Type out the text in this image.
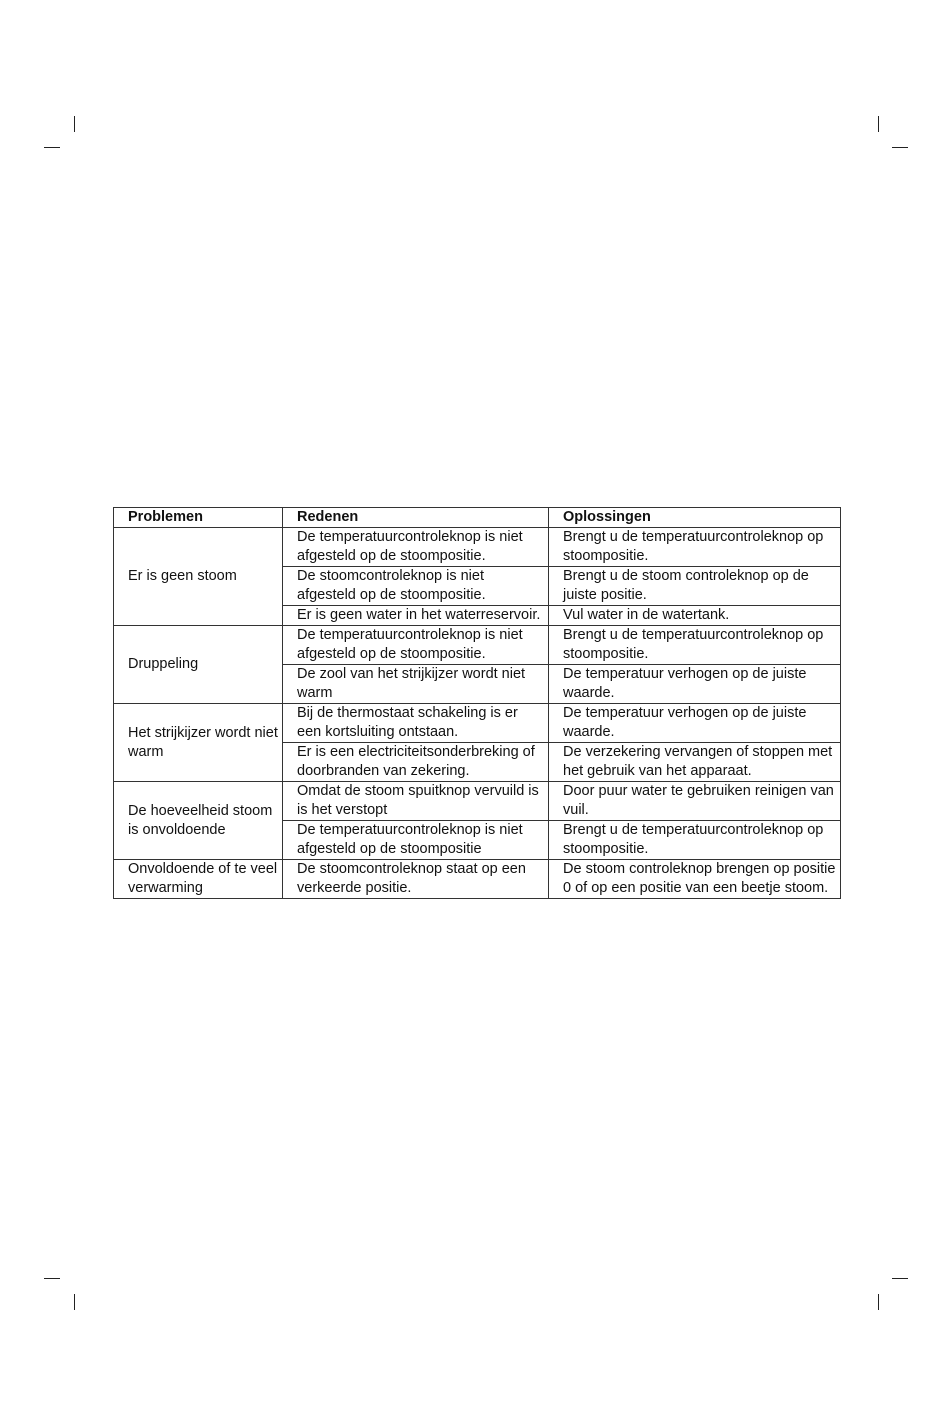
Problemen	Redenen	Oplossingen

Er is geen stoom	De temperatuurcontroleknop is niet afgesteld op de stoompositie.	Brengt u de temperatuurcontroleknop op stoompositie.
	De stoomcontroleknop is niet afgesteld op de stoompositie.	Brengt u de stoom controleknop op de juiste positie.
	Er is geen water in het waterreservoir.	Vul water in de watertank.

Druppeling	De temperatuurcontroleknop is niet afgesteld op de stoompositie.	Brengt u de temperatuurcontroleknop op stoompositie.
	De zool van het strijkijzer wordt niet warm	De temperatuur verhogen op de juiste waarde.

Het strijkijzer wordt niet warm	Bij de thermostaat schakeling is er een kortsluiting ontstaan.	De temperatuur verhogen op de juiste waarde.
	Er is een electriciteitsonderbreking of doorbranden van zekering.	De verzekering vervangen of stoppen met het gebruik van het apparaat.

De hoeveelheid stoom is onvoldoende	Omdat de stoom spuitknop vervuild is is het verstopt	Door puur water te gebruiken reinigen van vuil.
	De temperatuurcontroleknop is niet afgesteld op de stoompositie	Brengt u de temperatuurcontroleknop op stoompositie.

Onvoldoende of te veel verwarming	De stoomcontroleknop staat op een verkeerde positie.	De stoom controleknop brengen op positie 0 of op een positie van een beetje stoom.
